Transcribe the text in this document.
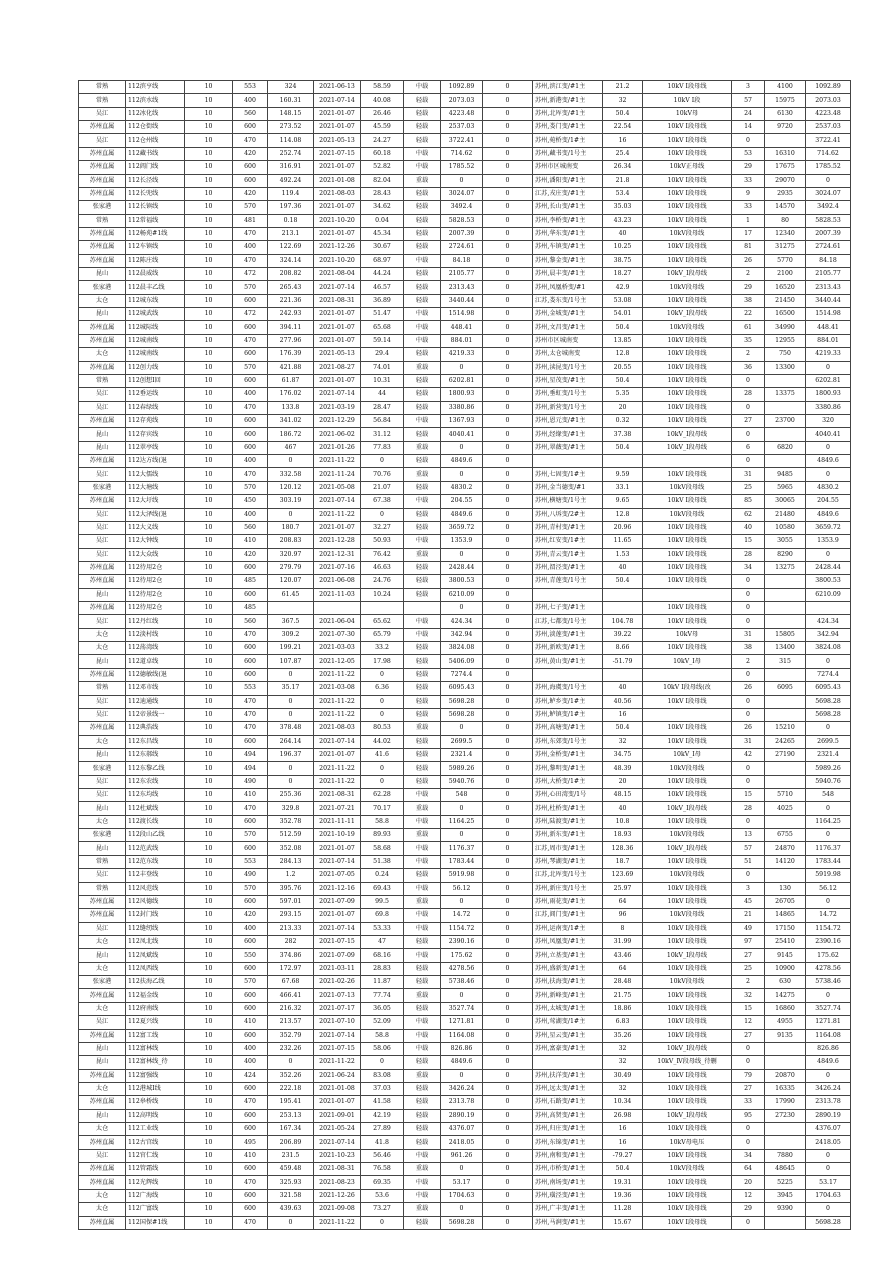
常熟	112滨亨线	10	553	324	2021-06-13	58.59	中载	1092.89	0	苏州,滨江变/#1主	21.2	10kV Ⅰ段母线	3	4100	1092.89
常熟	112滨水线	10	400	160.31	2021-07-14	40.08	轻载	2073.03	0	苏州,新港变/#1主	32	10kV Ⅰ段	57	15975	2073.03
吴江	112冰化线	10	560	148.15	2021-01-07	26.46	轻载	4223.48	0	苏州,北厍变/#1主	50.4	10kV母	24	6130	4223.48
苏州直属	112仓街线	10	600	273.52	2021-01-07	45.59	轻载	2537.03	0	苏州,娄门变/#1主	22.54	10kV Ⅰ段母线	14	9720	2537.03
吴江	112仓州线	10	470	114.08	2021-05-13	24.27	轻载	3722.41	0	苏州,菀桥变/1#主	16	10kV Ⅰ段母线	0		3722.41
苏州直属	112藏书线	10	420	252.74	2021-07-15	60.18	中载	714.62	0	苏州,藏书变/1号主	25.4	10kV Ⅰ段母线	53	16310	714.62
苏州直属	112阊门线	10	600	316.91	2021-01-07	52.82	中载	1785.52	0	苏州市区城南变	26.34	10kV正母线	29	17675	1785.52
苏州直属	112长泾线	10	600	492.24	2021-01-08	82.04	重载	0	0	苏州,潘阳变/#1主	21.8	10kV Ⅰ段母线	33	29070	0
苏州直属	112长兜线	10	420	119.4	2021-08-03	28.43	轻载	3024.07	0	江苏,戎庄变/#1主	53.4	10kV Ⅰ段母线	9	2935	3024.07
张家港	112长镇线	10	570	197.36	2021-01-07	34.62	轻载	3492.4	0	苏州,长山变/#1主	35.03	10kV Ⅰ段母线	33	14570	3492.4
常熟	112常福线	10	481	0.18	2021-10-20	0.04	轻载	5828.53	0	苏州,李桥变/#1主	43.23	10kV Ⅰ段母线	1	80	5828.53
苏州直属	112畅苑#1线	10	470	213.1	2021-01-07	45.34	轻载	2007.39	0	苏州,华东变/#1主	40	10kV段母线	17	12340	2007.39
苏州直属	112车镇线	10	400	122.69	2021-12-26	30.67	轻载	2724.61	0	苏州,车镇变/#1主	10.25	10kV Ⅰ段母线	81	31275	2724.61
苏州直属	112陈庄线	10	470	324.14	2021-10-20	68.97	中载	84.18	0	苏州,黎金变/#1主	38.75	10kV Ⅰ段母线	26	5770	84.18
昆山	112晨威线	10	472	208.82	2021-08-04	44.24	轻载	2105.77	0	苏州,晨丰变/#1主	18.27	10kV_Ⅰ段母线	2	2100	2105.77
张家港	112晨丰乙线	10	570	265.43	2021-07-14	46.57	轻载	2313.43	0	苏州,凤凰桥变/#1	42.9	10kV段母线	29	16520	2313.43
太仓	112城东线	10	600	221.36	2021-08-31	36.89	轻载	3440.44	0	江苏,娄东变/1号主	53.08	10kV Ⅰ段母线	38	21450	3440.44
昆山	112城武线	10	472	242.93	2021-01-07	51.47	中载	1514.98	0	苏州,金城变/#1主	54.01	10kV_Ⅰ段母线	22	16500	1514.98
苏州直属	112城际线	10	600	394.11	2021-01-07	65.68	中载	448.41	0	苏州,文昌变/#1主	50.4	10kV段母线	61	34990	448.41
苏州直属	112城南线	10	470	277.96	2021-01-07	59.14	中载	884.01	0	苏州市区城南变	13.85	10kV Ⅰ段母线	35	12955	884.01
太仓	112城南线	10	600	176.39	2021-05-13	29.4	轻载	4219.33	0	苏州,太仓城南变	12.8	10kV Ⅰ段母线	2	750	4219.33
苏州直属	112创力线	10	570	421.88	2021-08-27	74.01	重载	0	0	苏州,渎昆变/1号主	20.55	10kV Ⅰ段母线	36	13300	0
常熟	112创想Ⅰ回	10	600	61.87	2021-01-07	10.31	轻载	6202.81	0	苏州,星茂变/#1主	50.4	10kV Ⅰ段母线	0		6202.81
吴江	112垂运线	10	400	176.02	2021-07-14	44	轻载	1800.93	0	苏州,垂虹变/1号主	5.35	10kV Ⅰ段母线	28	13375	1800.93
吴江	112春绿线	10	470	133.8	2021-03-19	28.47	轻载	3380.86	0	苏州,新营变/1号主	20	10kV Ⅰ段母线	0		3380.86
苏州直属	112存苑线	10	600	341.02	2021-12-29	56.84	中载	1367.93	0	苏州,恩元变/#1主	0.32	10kV Ⅰ段母线	27	23700	320
昆山	112存宾线	10	600	186.72	2021-06-02	31.12	轻载	4040.41	0	苏州,经缘变/#1主	37.38	10kV_Ⅰ段母线	0		4040.41
昆山	112翠亭线	10	600	467	2021-01-26	77.83	重载	0	0	苏州,翠薇变/#1主	50.4	10kV_Ⅰ段母线	6	6820	0
苏州直属	112达方线(退	10	400	0	2021-11-22	0	轻载	4849.6	0				0		4849.6
吴江	112大儒线	10	470	332.58	2021-11-24	70.76	重载	0	0	苏州,七固变/1#主	9.59	10kV Ⅰ段母线	31	9485	0
张家港	112大塘线	10	570	120.12	2021-05-08	21.07	轻载	4830.2	0	苏州,金当德变/#1	33.1	10kV段母线	25	5965	4830.2
苏州直属	112大圩线	10	450	303.19	2021-07-14	67.38	中载	204.55	0	苏州,横塘变/1号主	9.65	10kV Ⅰ段母线	85	30065	204.55
吴江	112大泽线(退	10	400	0	2021-11-22	0	轻载	4849.6	0	苏州,八坼变/2#主	12.8	10kV段母线	62	21480	4849.6
吴江	112大义线	10	560	180.7	2021-01-07	32.27	轻载	3659.72	0	苏州,青村变/#1主	20.96	10kV Ⅰ段母线	40	10580	3659.72
吴江	112大钟线	10	410	208.83	2021-12-28	50.93	中载	1353.9	0	苏州,红安变/1#主	11.65	10kV Ⅰ段母线	15	3055	1353.9
吴江	112大众线	10	420	320.97	2021-12-31	76.42	重载	0	0	苏州,青云变/1#主	1.53	10kV Ⅰ段母线	28	8290	0
苏州直属	112待用2仓	10	600	279.79	2021-07-16	46.63	轻载	2428.44	0	苏州,渭泾变/#1主	40	10kV Ⅰ段母线	34	13275	2428.44
苏州直属	112待用2仓	10	485	120.07	2021-06-08	24.76	轻载	3800.53	0	苏州,青莲变/1号主	50.4	10kV Ⅰ段母线	0		3800.53
昆山	112待用2仓	10	600	61.45	2021-11-03	10.24	轻载	6210.09	0				0		6210.09
苏州直属	112待用2仓	10	485					0	0	苏州,七子变/#1主		10kV Ⅰ段母线	0		
吴江	112丹红线	10	560	367.5	2021-06-04	65.62	中载	424.34	0	江苏,七都变/1号主	104.78	10kV Ⅰ段母线	0		424.34
太仓	112淡村线	10	470	309.2	2021-07-30	65.79	中载	342.94	0	苏州,淡莲变/#1主	39.22	10kV母	31	15805	342.94
太仓	112荡湾线	10	600	199.21	2021-03-03	33.2	轻载	3824.08	0	苏州,新欧变/#1主	8.66	10kV Ⅰ段母线	38	13400	3824.08
昆山	112道卓线	10	600	107.87	2021-12-05	17.98	轻载	5406.09	0	苏州,黄山变/#1主	-51.79	10kV_Ⅰ母	2	315	0
苏州直属	112德敏线(退	10	600	0	2021-11-22	0	轻载	7274.4	0				0		7274.4
常熟	112邓市线	10	553	35.17	2021-03-08	6.36	轻载	6095.43	0	苏州,海虞变/1号主	40	10kV Ⅰ段母线(改	26	6095	6095.43
吴江	112迪通线	10	470	0	2021-11-22	0	轻载	5698.28	0	苏州,鲈乡变/1#主	40.56	10kV Ⅰ段母线	0		5698.28
吴江	112帝景线一	10	470	0	2021-11-22	0	轻载	5698.28	0	苏州,鲈镇变/1#主	16		0		5698.28
苏州直属	112典浩线	10	470	378.48	2021-08-03	80.53	重载	0	0	苏州,高塘变/#1主	50.4	10kV Ⅰ段母线	26	15210	0
太仓	112东昌线	10	600	264.14	2021-07-14	44.02	轻载	2699.5	0	苏州,东郊变/1号主	32	10kV Ⅰ段母线	31	24265	2699.5
昆山	112东郝线	10	494	196.37	2021-01-07	41.6	轻载	2321.4	0	苏州,金桥变/#1主	34.75	10kV_Ⅰ母	42	27190	2321.4
张家港	112东黎乙线	10	494	0	2021-11-22	0	轻载	5989.26	0	苏州,黎明变/#1主	48.39	10kV段母线	0		5989.26
吴江	112东农线	10	490	0	2021-11-22	0	轻载	5940.76	0	苏州,大桥变/1#主	20	10kV Ⅰ段母线	0		5940.76
吴江	112东均线	10	410	255.36	2021-08-31	62.28	中载	548	0	苏州,心田湾变/1号	48.15	10kV Ⅰ段母线	15	5710	548
昆山	112杜斌线	10	470	329.8	2021-07-21	70.17	重载	0	0	苏州,杜桥变/#1主	40	10kV_Ⅰ段母线	28	4025	0
太仓	112渡长线	10	600	352.78	2021-11-11	58.8	中载	1164.25	0	苏州,陆渡变/#1主	10.8	10kV Ⅰ段母线	0		1164.25
张家港	112段山乙线	10	570	512.59	2021-10-19	89.93	重载	0	0	苏州,新东变/#1主	18.93	10kV段母线	13	6755	0
昆山	112范武线	10	600	352.08	2021-01-07	58.68	中载	1176.37	0	江苏,周市变/#1主	128.36	10kV_Ⅰ段母线	57	24870	1176.37
常熟	112范东线	10	553	284.13	2021-07-14	51.38	中载	1783.44	0	苏州,琴湖变/#1主	18.7	10kV Ⅰ段母线	51	14120	1783.44
吴江	112丰登线	10	490	1.2	2021-07-05	0.24	轻载	5919.98	0	江苏,北厍变/1号主	123.69	10kV段母线	0		5919.98
常熟	112风范线	10	570	395.76	2021-12-16	69.43	中载	56.12	0	苏州,新庄变/1号主	25.97	10kV Ⅰ段母线	3	130	56.12
苏州直属	112风德线	10	600	597.01	2021-07-09	99.5	重载	0	0	苏州,雨花变/#1主	64	10kV Ⅰ段母线	45	26705	0
苏州直属	112封门线	10	420	293.15	2021-01-07	69.8	中载	14.72	0	江苏,阊门变/#1主	96	10kV段母线	21	14865	14.72
吴江	112缝纫线	10	400	213.33	2021-07-14	53.33	中载	1154.72	0	苏州,运南变/1#主	8	10kV Ⅰ段母线	49	17150	1154.72
太仓	112凤北线	10	600	282	2021-07-15	47	轻载	2390.16	0	苏州,凤凰变/#1主	31.99	10kV Ⅰ段母线	97	25410	2390.16
昆山	112凤斌线	10	550	374.86	2021-07-09	68.16	中载	175.62	0	苏州,立基变/#1主	43.46	10kV_Ⅰ段母线	27	9145	175.62
太仓	112凤西线	10	600	172.97	2021-03-11	28.83	轻载	4278.56	0	苏州,盛新变/#1主	64	10kV Ⅰ段母线	25	10900	4278.56
张家港	112扶海乙线	10	570	67.68	2021-02-26	11.87	轻载	5738.46	0	苏州,扶海变/#1主	28.48	10kV段母线	2	630	5738.46
苏州直属	112福金线	10	600	466.41	2021-07-13	77.74	重载	0	0	苏州,新峰变/#1主	21.75	10kV Ⅰ段母线	32	14275	0
太仓	112府南线	10	600	216.32	2021-07-17	36.05	轻载	3527.74	0	苏州,太城变/#1主	18.86	10kV Ⅰ段母线	15	16860	3527.74
吴江	112夏兴线	10	410	213.57	2021-07-10	52.09	中载	1271.81	0	苏州,莺湖变/1#主	6.83	10kV Ⅰ段母线	12	4955	1271.81
苏州直属	112富工线	10	600	352.79	2021-07-14	58.8	中载	1164.08	0	苏州,星云变/#1主	35.26	10kV Ⅰ段母线	27	9135	1164.08
昆山	112富林线	10	400	232.26	2021-07-15	58.06	中载	826.86	0	苏州,富豪变/#1主	32	10kV_Ⅰ段母线	0		826.86
昆山	112富林线_待	10	400	0	2021-11-22	0	轻载	4849.6	0		32	10kV_Ⅳ段母线_待删	0		4849.6
苏州直属	112富强线	10	424	352.26	2021-06-24	83.08	重载	0	0	苏州,扶洋变/#1主	30.49	10kV Ⅰ段母线	79	20870	0
太仓	112港城Ⅰ线	10	600	222.18	2021-01-08	37.03	轻载	3426.24	0	苏州,远太变/#1主	32	10kV Ⅰ段母线	27	16335	3426.24
苏州直属	112皋桥线	10	470	195.41	2021-01-07	41.58	轻载	2313.78	0	苏州,石路变/#1主	10.34	10kV Ⅰ段母线	33	17990	2313.78
昆山	112高明线	10	600	253.13	2021-09-01	42.19	轻载	2890.19	0	苏州,高贤变/#1主	26.98	10kV_Ⅰ段母线	95	27230	2890.19
太仓	112工业线	10	600	167.34	2021-05-24	27.89	轻载	4376.07	0	苏州,归庄变/#1主	16	10kV Ⅰ段母线	0		4376.07
苏州直属	112古宫线	10	495	206.89	2021-07-14	41.8	轻载	2418.05	0	苏州,东锦变/#1主	16	10kV母电压	0		2418.05
吴江	112官仁线	10	410	231.5	2021-10-23	56.46	中载	961.26	0	苏州,南和变/#1主	-79.27	10kV Ⅰ段母线	34	7880	0
苏州直属	112管霜线	10	600	459.48	2021-08-31	76.58	重载	0	0	苏州,市桥变/#1主	50.4	10kV段母线	64	48645	0
苏州直属	112光辉线	10	470	325.93	2021-08-23	69.35	中载	53.17	0	苏州,南场变/#1主	19.31	10kV Ⅰ段母线	20	5225	53.17
太仓	112广海线	10	600	321.58	2021-12-26	53.6	中载	1704.63	0	苏州,璜泾变/#1主	19.36	10kV Ⅰ段母线	12	3945	1704.63
太仓	112广富线	10	600	439.63	2021-09-08	73.27	重载	0	0	苏州,广丰变/#1主	11.28	10kV Ⅰ段母线	29	9390	0
苏州直属	112国保#1线	10	470	0	2021-11-22	0	轻载	5698.28	0	苏州,马涧变/#1主	15.67	10kV Ⅰ段母线	0		5698.28
